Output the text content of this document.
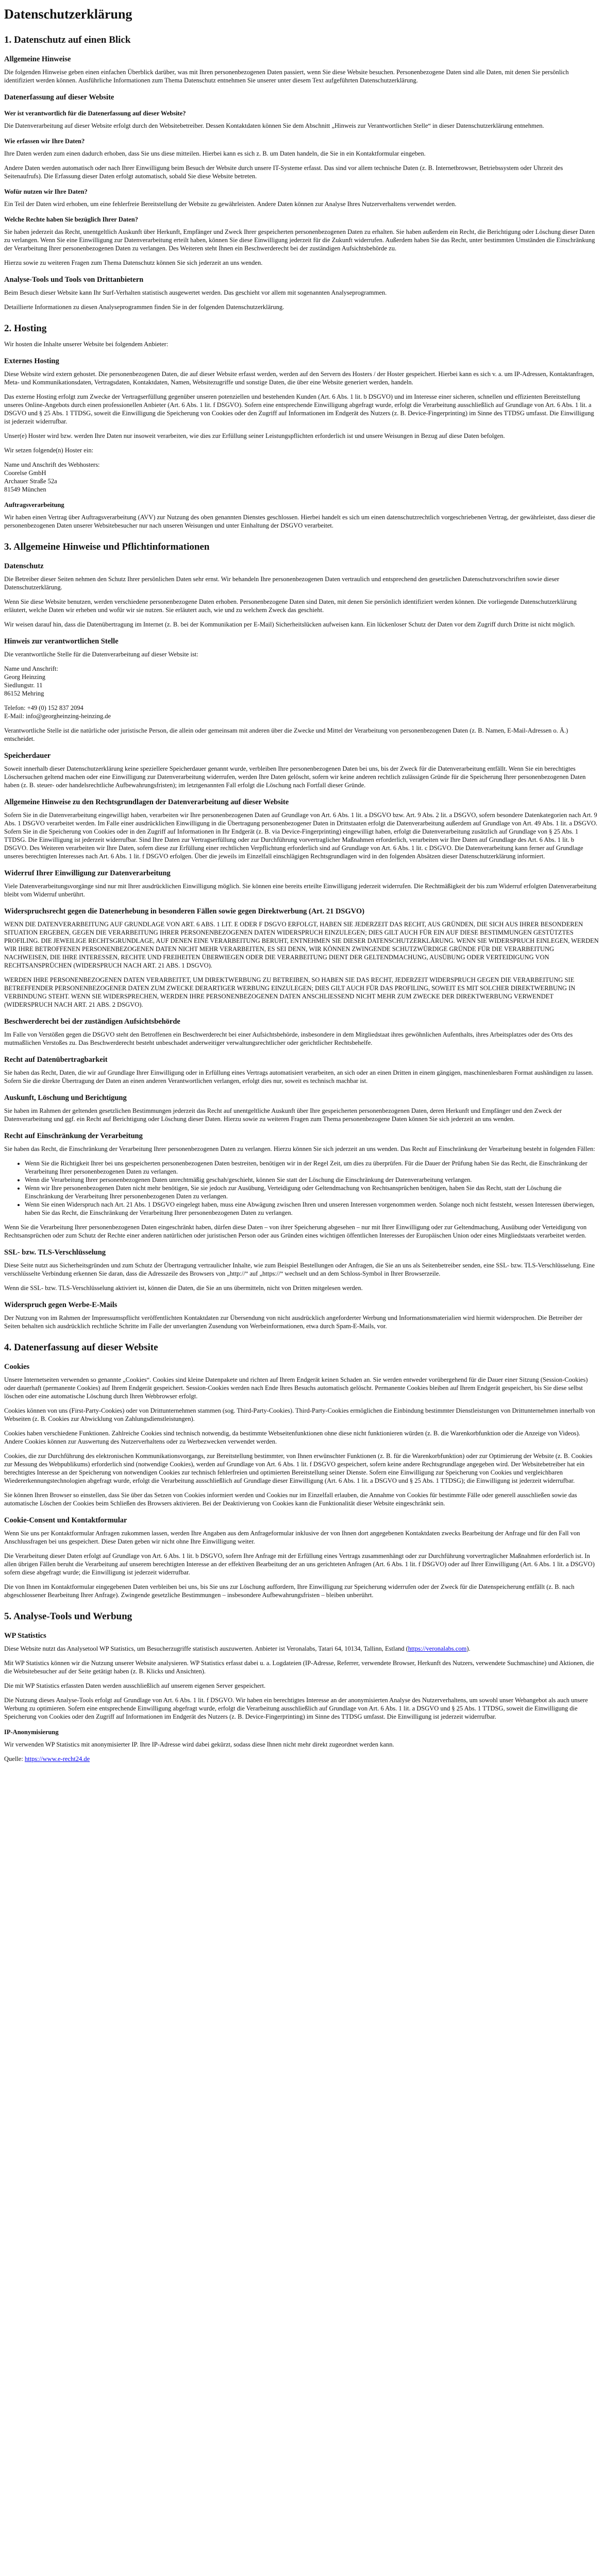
Datenschutzerklärung
1. Datenschutz auf einen Blick
Allgemeine Hinweise

Die folgenden Hinweise geben einen einfachen Überblick darüber, was mit Ihren personenbezogenen Daten passiert, wenn Sie diese Website besuchen. Personenbezogene Daten sind alle Daten, mit denen Sie persönlich identifiziert werden können. Ausführliche Informationen zum Thema Datenschutz entnehmen Sie unserer unter diesem Text aufgeführten Datenschutzerklärung.

Datenerfassung auf dieser Website
Wer ist verantwortlich für die Datenerfassung auf dieser Website?

Die Datenverarbeitung auf dieser Website erfolgt durch den Websitebetreiber. Dessen Kontaktdaten können Sie dem Abschnitt „Hinweis zur Verantwortlichen Stelle“ in dieser Datenschutzerklärung entnehmen.

Wie erfassen wir Ihre Daten?

Ihre Daten werden zum einen dadurch erhoben, dass Sie uns diese mitteilen. Hierbei kann es sich z. B. um Daten handeln, die Sie in ein Kontaktformular eingeben.

Andere Daten werden automatisch oder nach Ihrer Einwilligung beim Besuch der Website durch unsere IT-Systeme erfasst. Das sind vor allem technische Daten (z. B. Internetbrowser, Betriebssystem oder Uhrzeit des Seitenaufrufs). Die Erfassung dieser Daten erfolgt automatisch, sobald Sie diese Website betreten.

Wofür nutzen wir Ihre Daten?

Ein Teil der Daten wird erhoben, um eine fehlerfreie Bereitstellung der Website zu gewährleisten. Andere Daten können zur Analyse Ihres Nutzerverhaltens verwendet werden.

Welche Rechte haben Sie bezüglich Ihrer Daten?

Sie haben jederzeit das Recht, unentgeltlich Auskunft über Herkunft, Empfänger und Zweck Ihrer gespeicherten personenbezogenen Daten zu erhalten. Sie haben außerdem ein Recht, die Berichtigung oder Löschung dieser Daten zu verlangen. Wenn Sie eine Einwilligung zur Datenverarbeitung erteilt haben, können Sie diese Einwilligung jederzeit für die Zukunft widerrufen. Außerdem haben Sie das Recht, unter bestimmten Umständen die Einschränkung der Verarbeitung Ihrer personenbezogenen Daten zu verlangen. Des Weiteren steht Ihnen ein Beschwerderecht bei der zuständigen Aufsichtsbehörde zu.

Hierzu sowie zu weiteren Fragen zum Thema Datenschutz können Sie sich jederzeit an uns wenden.

Analyse-Tools und Tools von Drittanbietern

Beim Besuch dieser Website kann Ihr Surf-Verhalten statistisch ausgewertet werden. Das geschieht vor allem mit sogenannten Analyseprogrammen.

Detaillierte Informationen zu diesen Analyseprogrammen finden Sie in der folgenden Datenschutzerklärung.

2. Hosting

Wir hosten die Inhalte unserer Website bei folgendem Anbieter:

Externes Hosting

Diese Website wird extern gehostet. Die personenbezogenen Daten, die auf dieser Website erfasst werden, werden auf den Servern des Hosters / der Hoster gespeichert. Hierbei kann es sich v. a. um IP-Adressen, Kontaktanfragen, Meta- und Kommunikationsdaten, Vertragsdaten, Kontaktdaten, Namen, Websitezugriffe und sonstige Daten, die über eine Website generiert werden, handeln.

Das externe Hosting erfolgt zum Zwecke der Vertragserfüllung gegenüber unseren potenziellen und bestehenden Kunden (Art. 6 Abs. 1 lit. b DSGVO) und im Interesse einer sicheren, schnellen und effizienten Bereitstellung unseres Online-Angebots durch einen professionellen Anbieter (Art. 6 Abs. 1 lit. f DSGVO). Sofern eine entsprechende Einwilligung abgefragt wurde, erfolgt die Verarbeitung ausschließlich auf Grundlage von Art. 6 Abs. 1 lit. a DSGVO und § 25 Abs. 1 TTDSG, soweit die Einwilligung die Speicherung von Cookies oder den Zugriff auf Informationen im Endgerät des Nutzers (z. B. Device-Fingerprinting) im Sinne des TTDSG umfasst. Die Einwilligung ist jederzeit widerrufbar.

Unser(e) Hoster wird bzw. werden Ihre Daten nur insoweit verarbeiten, wie dies zur Erfüllung seiner Leistungspflichten erforderlich ist und unsere Weisungen in Bezug auf diese Daten befolgen.

Wir setzen folgende(n) Hoster ein:

Name und Anschrift des Webhosters:
Coorelse GmbH
Archauer Straße 52a
81549 München

Auftragsverarbeitung

Wir haben einen Vertrag über Auftragsverarbeitung (AVV) zur Nutzung des oben genannten Dienstes geschlossen. Hierbei handelt es sich um einen datenschutzrechtlich vorgeschriebenen Vertrag, der gewährleistet, dass dieser die personenbezogenen Daten unserer Websitebesucher nur nach unseren Weisungen und unter Einhaltung der DSGVO verarbeitet.

3. Allgemeine Hinweise und Pflichtinformationen
Datenschutz

Die Betreiber dieser Seiten nehmen den Schutz Ihrer persönlichen Daten sehr ernst. Wir behandeln Ihre personenbezogenen Daten vertraulich und entsprechend den gesetzlichen Datenschutzvorschriften sowie dieser Datenschutzerklärung.

Wenn Sie diese Website benutzen, werden verschiedene personenbezogene Daten erhoben. Personenbezogene Daten sind Daten, mit denen Sie persönlich identifiziert werden können. Die vorliegende Datenschutzerklärung erläutert, welche Daten wir erheben und wofür wir sie nutzen. Sie erläutert auch, wie und zu welchem Zweck das geschieht.

Wir weisen darauf hin, dass die Datenübertragung im Internet (z. B. bei der Kommunikation per E-Mail) Sicherheitslücken aufweisen kann. Ein lückenloser Schutz der Daten vor dem Zugriff durch Dritte ist nicht möglich.

Hinweis zur verantwortlichen Stelle

Die verantwortliche Stelle für die Datenverarbeitung auf dieser Website ist:

Name und Anschrift:
Georg Heinzing
Siedlungstr. 11
86152 Mehring

Telefon: +49 (0) 152 837 2094
E-Mail: info@georgheinzing-heinzing.de

Verantwortliche Stelle ist die natürliche oder juristische Person, die allein oder gemeinsam mit anderen über die Zwecke und Mittel der Verarbeitung von personenbezogenen Daten (z. B. Namen, E-Mail-Adressen o. Ä.) entscheidet.

Speicherdauer

Soweit innerhalb dieser Datenschutzerklärung keine speziellere Speicherdauer genannt wurde, verbleiben Ihre personenbezogenen Daten bei uns, bis der Zweck für die Datenverarbeitung entfällt. Wenn Sie ein berechtigtes Löschersuchen geltend machen oder eine Einwilligung zur Datenverarbeitung widerrufen, werden Ihre Daten gelöscht, sofern wir keine anderen rechtlich zulässigen Gründe für die Speicherung Ihrer personenbezogenen Daten haben (z. B. steuer- oder handelsrechtliche Aufbewahrungsfristen); im letztgenannten Fall erfolgt die Löschung nach Fortfall dieser Gründe.

Allgemeine Hinweise zu den Rechtsgrundlagen der Datenverarbeitung auf dieser Website

Sofern Sie in die Datenverarbeitung eingewilligt haben, verarbeiten wir Ihre personenbezogenen Daten auf Grundlage von Art. 6 Abs. 1 lit. a DSGVO bzw. Art. 9 Abs. 2 lit. a DSGVO, sofern besondere Datenkategorien nach Art. 9 Abs. 1 DSGVO verarbeitet werden. Im Falle einer ausdrücklichen Einwilligung in die Übertragung personenbezogener Daten in Drittstaaten erfolgt die Datenverarbeitung außerdem auf Grundlage von Art. 49 Abs. 1 lit. a DSGVO. Sofern Sie in die Speicherung von Cookies oder in den Zugriff auf Informationen in Ihr Endgerät (z. B. via Device-Fingerprinting) eingewilligt haben, erfolgt die Datenverarbeitung zusätzlich auf Grundlage von § 25 Abs. 1 TTDSG. Die Einwilligung ist jederzeit widerrufbar. Sind Ihre Daten zur Vertragserfüllung oder zur Durchführung vorvertraglicher Maßnahmen erforderlich, verarbeiten wir Ihre Daten auf Grundlage des Art. 6 Abs. 1 lit. b DSGVO. Des Weiteren verarbeiten wir Ihre Daten, sofern diese zur Erfüllung einer rechtlichen Verpflichtung erforderlich sind auf Grundlage von Art. 6 Abs. 1 lit. c DSGVO. Die Datenverarbeitung kann ferner auf Grundlage unseres berechtigten Interesses nach Art. 6 Abs. 1 lit. f DSGVO erfolgen. Über die jeweils im Einzelfall einschlägigen Rechtsgrundlagen wird in den folgenden Absätzen dieser Datenschutzerklärung informiert.

Widerruf Ihrer Einwilligung zur Datenverarbeitung

Viele Datenverarbeitungsvorgänge sind nur mit Ihrer ausdrücklichen Einwilligung möglich. Sie können eine bereits erteilte Einwilligung jederzeit widerrufen. Die Rechtmäßigkeit der bis zum Widerruf erfolgten Datenverarbeitung bleibt vom Widerruf unberührt.

Widerspruchsrecht gegen die Datenerhebung in besonderen Fällen sowie gegen Direktwerbung (Art. 21 DSGVO)

WENN DIE DATENVERARBEITUNG AUF GRUNDLAGE VON ART. 6 ABS. 1 LIT. E ODER F DSGVO ERFOLGT, HABEN SIE JEDERZEIT DAS RECHT, AUS GRÜNDEN, DIE SICH AUS IHRER BESONDEREN SITUATION ERGEBEN, GEGEN DIE VERARBEITUNG IHRER PERSONENBEZOGENEN DATEN WIDERSPRUCH EINZULEGEN; DIES GILT AUCH FÜR EIN AUF DIESE BESTIMMUNGEN GESTÜTZTES PROFILING. DIE JEWEILIGE RECHTSGRUNDLAGE, AUF DENEN EINE VERARBEITUNG BERUHT, ENTNEHMEN SIE DIESER DATENSCHUTZERKLÄRUNG. WENN SIE WIDERSPRUCH EINLEGEN, WERDEN WIR IHRE BETROFFENEN PERSONENBEZOGENEN DATEN NICHT MEHR VERARBEITEN, ES SEI DENN, WIR KÖNNEN ZWINGENDE SCHUTZWÜRDIGE GRÜNDE FÜR DIE VERARBEITUNG NACHWEISEN, DIE IHRE INTERESSEN, RECHTE UND FREIHEITEN ÜBERWIEGEN ODER DIE VERARBEITUNG DIENT DER GELTENDMACHUNG, AUSÜBUNG ODER VERTEIDIGUNG VON RECHTSANSPRÜCHEN (WIDERSPRUCH NACH ART. 21 ABS. 1 DSGVO).

WERDEN IHRE PERSONENBEZOGENEN DATEN VERARBEITET, UM DIREKTWERBUNG ZU BETREIBEN, SO HABEN SIE DAS RECHT, JEDERZEIT WIDERSPRUCH GEGEN DIE VERARBEITUNG SIE BETREFFENDER PERSONENBEZOGENER DATEN ZUM ZWECKE DERARTIGER WERBUNG EINZULEGEN; DIES GILT AUCH FÜR DAS PROFILING, SOWEIT ES MIT SOLCHER DIREKTWERBUNG IN VERBINDUNG STEHT. WENN SIE WIDERSPRECHEN, WERDEN IHRE PERSONENBEZOGENEN DATEN ANSCHLIESSEND NICHT MEHR ZUM ZWECKE DER DIREKTWERBUNG VERWENDET (WIDERSPRUCH NACH ART. 21 ABS. 2 DSGVO).

Beschwerderecht bei der zuständigen Aufsichtsbehörde

Im Falle von Verstößen gegen die DSGVO steht den Betroffenen ein Beschwerderecht bei einer Aufsichtsbehörde, insbesondere in dem Mitgliedstaat ihres gewöhnlichen Aufenthalts, ihres Arbeitsplatzes oder des Orts des mutmaßlichen Verstoßes zu. Das Beschwerderecht besteht unbeschadet anderweitiger verwaltungsrechtlicher oder gerichtlicher Rechtsbehelfe.

Recht auf Datenübertragbarkeit

Sie haben das Recht, Daten, die wir auf Grundlage Ihrer Einwilligung oder in Erfüllung eines Vertrags automatisiert verarbeiten, an sich oder an einen Dritten in einem gängigen, maschinenlesbaren Format aushändigen zu lassen. Sofern Sie die direkte Übertragung der Daten an einen anderen Verantwortlichen verlangen, erfolgt dies nur, soweit es technisch machbar ist.

Auskunft, Löschung und Berichtigung

Sie haben im Rahmen der geltenden gesetzlichen Bestimmungen jederzeit das Recht auf unentgeltliche Auskunft über Ihre gespeicherten personenbezogenen Daten, deren Herkunft und Empfänger und den Zweck der Datenverarbeitung und ggf. ein Recht auf Berichtigung oder Löschung dieser Daten. Hierzu sowie zu weiteren Fragen zum Thema personenbezogene Daten können Sie sich jederzeit an uns wenden.

Recht auf Einschränkung der Verarbeitung

Sie haben das Recht, die Einschränkung der Verarbeitung Ihrer personenbezogenen Daten zu verlangen. Hierzu können Sie sich jederzeit an uns wenden. Das Recht auf Einschränkung der Verarbeitung besteht in folgenden Fällen:

• Wenn Sie die Richtigkeit Ihrer bei uns gespeicherten personenbezogenen Daten bestreiten, benötigen wir in der Regel Zeit, um dies zu überprüfen. Für die Dauer der Prüfung haben Sie das Recht, die Einschränkung der Verarbeitung Ihrer personenbezogenen Daten zu verlangen.
• Wenn die Verarbeitung Ihrer personenbezogenen Daten unrechtmäßig geschah/geschieht, können Sie statt der Löschung die Einschränkung der Datenverarbeitung verlangen.
• Wenn wir Ihre personenbezogenen Daten nicht mehr benötigen, Sie sie jedoch zur Ausübung, Verteidigung oder Geltendmachung von Rechtsansprüchen benötigen, haben Sie das Recht, statt der Löschung die Einschränkung der Verarbeitung Ihrer personenbezogenen Daten zu verlangen.
• Wenn Sie einen Widerspruch nach Art. 21 Abs. 1 DSGVO eingelegt haben, muss eine Abwägung zwischen Ihren und unseren Interessen vorgenommen werden. Solange noch nicht feststeht, wessen Interessen überwiegen, haben Sie das Recht, die Einschränkung der Verarbeitung Ihrer personenbezogenen Daten zu verlangen.

Wenn Sie die Verarbeitung Ihrer personenbezogenen Daten eingeschränkt haben, dürfen diese Daten – von ihrer Speicherung abgesehen – nur mit Ihrer Einwilligung oder zur Geltendmachung, Ausübung oder Verteidigung von Rechtsansprüchen oder zum Schutz der Rechte einer anderen natürlichen oder juristischen Person oder aus Gründen eines wichtigen öffentlichen Interesses der Europäischen Union oder eines Mitgliedstaats verarbeitet werden.

SSL- bzw. TLS-Verschlüsselung

Diese Seite nutzt aus Sicherheitsgründen und zum Schutz der Übertragung vertraulicher Inhalte, wie zum Beispiel Bestellungen oder Anfragen, die Sie an uns als Seitenbetreiber senden, eine SSL- bzw. TLS-Verschlüsselung. Eine verschlüsselte Verbindung erkennen Sie daran, dass die Adresszeile des Browsers von „http://“ auf „https://“ wechselt und an dem Schloss-Symbol in Ihrer Browserzeile.

Wenn die SSL- bzw. TLS-Verschlüsselung aktiviert ist, können die Daten, die Sie an uns übermitteln, nicht von Dritten mitgelesen werden.

Widerspruch gegen Werbe-E-Mails

Der Nutzung von im Rahmen der Impressumspflicht veröffentlichten Kontaktdaten zur Übersendung von nicht ausdrücklich angeforderter Werbung und Informationsmaterialien wird hiermit widersprochen. Die Betreiber der Seiten behalten sich ausdrücklich rechtliche Schritte im Falle der unverlangten Zusendung von Werbeinformationen, etwa durch Spam-E-Mails, vor.

4. Datenerfassung auf dieser Website
Cookies

Unsere Internetseiten verwenden so genannte „Cookies“. Cookies sind kleine Datenpakete und richten auf Ihrem Endgerät keinen Schaden an. Sie werden entweder vorübergehend für die Dauer einer Sitzung (Session-Cookies) oder dauerhaft (permanente Cookies) auf Ihrem Endgerät gespeichert. Session-Cookies werden nach Ende Ihres Besuchs automatisch gelöscht. Permanente Cookies bleiben auf Ihrem Endgerät gespeichert, bis Sie diese selbst löschen oder eine automatische Löschung durch Ihren Webbrowser erfolgt.

Cookies können von uns (First-Party-Cookies) oder von Drittunternehmen stammen (sog. Third-Party-Cookies). Third-Party-Cookies ermöglichen die Einbindung bestimmter Dienstleistungen von Drittunternehmen innerhalb von Webseiten (z. B. Cookies zur Abwicklung von Zahlungsdienstleistungen).

Cookies haben verschiedene Funktionen. Zahlreiche Cookies sind technisch notwendig, da bestimmte Webseitenfunktionen ohne diese nicht funktionieren würden (z. B. die Warenkorbfunktion oder die Anzeige von Videos). Andere Cookies können zur Auswertung des Nutzerverhaltens oder zu Werbezwecken verwendet werden.

Cookies, die zur Durchführung des elektronischen Kommunikationsvorgangs, zur Bereitstellung bestimmter, von Ihnen erwünschter Funktionen (z. B. für die Warenkorbfunktion) oder zur Optimierung der Website (z. B. Cookies zur Messung des Webpublikums) erforderlich sind (notwendige Cookies), werden auf Grundlage von Art. 6 Abs. 1 lit. f DSGVO gespeichert, sofern keine andere Rechtsgrundlage angegeben wird. Der Websitebetreiber hat ein berechtigtes Interesse an der Speicherung von notwendigen Cookies zur technisch fehlerfreien und optimierten Bereitstellung seiner Dienste. Sofern eine Einwilligung zur Speicherung von Cookies und vergleichbaren Wiedererkennungstechnologien abgefragt wurde, erfolgt die Verarbeitung ausschließlich auf Grundlage dieser Einwilligung (Art. 6 Abs. 1 lit. a DSGVO und § 25 Abs. 1 TTDSG); die Einwilligung ist jederzeit widerrufbar.

Sie können Ihren Browser so einstellen, dass Sie über das Setzen von Cookies informiert werden und Cookies nur im Einzelfall erlauben, die Annahme von Cookies für bestimmte Fälle oder generell ausschließen sowie das automatische Löschen der Cookies beim Schließen des Browsers aktivieren. Bei der Deaktivierung von Cookies kann die Funktionalität dieser Website eingeschränkt sein.

Cookie-Consent und Kontaktformular

Wenn Sie uns per Kontaktformular Anfragen zukommen lassen, werden Ihre Angaben aus dem Anfrageformular inklusive der von Ihnen dort angegebenen Kontaktdaten zwecks Bearbeitung der Anfrage und für den Fall von Anschlussfragen bei uns gespeichert. Diese Daten geben wir nicht ohne Ihre Einwilligung weiter.

Die Verarbeitung dieser Daten erfolgt auf Grundlage von Art. 6 Abs. 1 lit. b DSGVO, sofern Ihre Anfrage mit der Erfüllung eines Vertrags zusammenhängt oder zur Durchführung vorvertraglicher Maßnahmen erforderlich ist. In allen übrigen Fällen beruht die Verarbeitung auf unserem berechtigten Interesse an der effektiven Bearbeitung der an uns gerichteten Anfragen (Art. 6 Abs. 1 lit. f DSGVO) oder auf Ihrer Einwilligung (Art. 6 Abs. 1 lit. a DSGVO) sofern diese abgefragt wurde; die Einwilligung ist jederzeit widerrufbar.

Die von Ihnen im Kontaktformular eingegebenen Daten verbleiben bei uns, bis Sie uns zur Löschung auffordern, Ihre Einwilligung zur Speicherung widerrufen oder der Zweck für die Datenspeicherung entfällt (z. B. nach abgeschlossener Bearbeitung Ihrer Anfrage). Zwingende gesetzliche Bestimmungen – insbesondere Aufbewahrungsfristen – bleiben unberührt.

5. Analyse-Tools und Werbung
WP Statistics

Diese Website nutzt das Analysetool WP Statistics, um Besucherzugriffe statistisch auszuwerten. Anbieter ist Veronalabs, Tatari 64, 10134, Tallinn, Estland (https://veronalabs.com).

Mit WP Statistics können wir die Nutzung unserer Website analysieren. WP Statistics erfasst dabei u. a. Logdateien (IP-Adresse, Referrer, verwendete Browser, Herkunft des Nutzers, verwendete Suchmaschine) und Aktionen, die die Websitebesucher auf der Seite getätigt haben (z. B. Klicks und Ansichten).

Die mit WP Statistics erfassten Daten werden ausschließlich auf unserem eigenen Server gespeichert.

Die Nutzung dieses Analyse-Tools erfolgt auf Grundlage von Art. 6 Abs. 1 lit. f DSGVO. Wir haben ein berechtigtes Interesse an der anonymisierten Analyse des Nutzerverhaltens, um sowohl unser Webangebot als auch unsere Werbung zu optimieren. Sofern eine entsprechende Einwilligung abgefragt wurde, erfolgt die Verarbeitung ausschließlich auf Grundlage von Art. 6 Abs. 1 lit. a DSGVO und § 25 Abs. 1 TTDSG, soweit die Einwilligung die Speicherung von Cookies oder den Zugriff auf Informationen im Endgerät des Nutzers (z. B. Device-Fingerprinting) im Sinne des TTDSG umfasst. Die Einwilligung ist jederzeit widerrufbar.

IP-Anonymisierung

Wir verwenden WP Statistics mit anonymisierter IP. Ihre IP-Adresse wird dabei gekürzt, sodass diese Ihnen nicht mehr direkt zugeordnet werden kann.

Quelle: https://www.e-recht24.de
